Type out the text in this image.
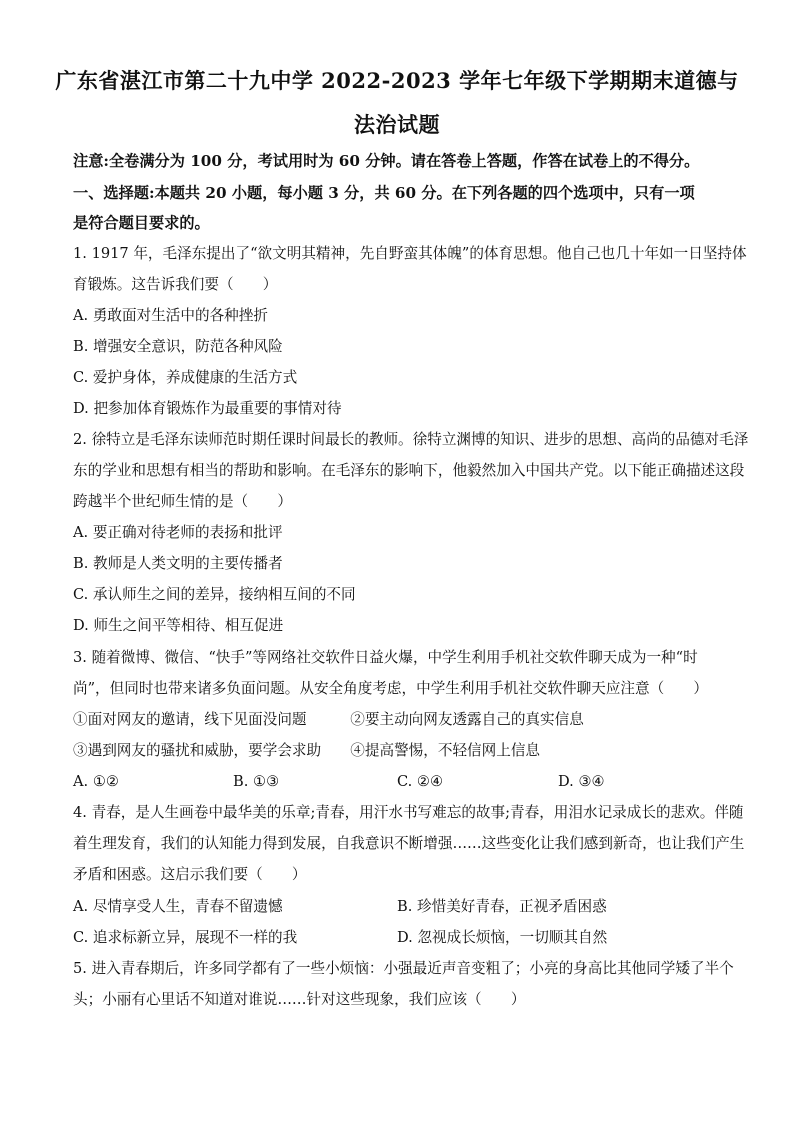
广东省湛江市第二十九中学 2022-2023 学年七年级下学期期末道德与
法治试题
注意:全卷满分为 100 分，考试用时为 60 分钟。请在答卷上答题，作答在试卷上的不得分。
一、选择题:本题共 20 小题，每小题 3 分，共 60 分。在下列各题的四个选项中，只有一项
是符合题目要求的。
1. 1917 年，毛泽东提出了“欲文明其精神，先自野蛮其体魄”的体育思想。他自己也几十年如一日坚持体
育锻炼。这告诉我们要（　　）
A. 勇敢面对生活中的各种挫折
B. 增强安全意识，防范各种风险
C. 爱护身体，养成健康的生活方式
D. 把参加体育锻炼作为最重要的事情对待
2. 徐特立是毛泽东读师范时期任课时间最长的教师。徐特立渊博的知识、进步的思想、高尚的品德对毛泽
东的学业和思想有相当的帮助和影响。在毛泽东的影响下，他毅然加入中国共产党。以下能正确描述这段
跨越半个世纪师生情的是（　　）
A. 要正确对待老师的表扬和批评
B. 教师是人类文明的主要传播者
C. 承认师生之间的差异，接纳相互间的不同
D. 师生之间平等相待、相互促进
3. 随着微博、微信、“快手”等网络社交软件日益火爆，中学生利用手机社交软件聊天成为一种“时
尚”，但同时也带来诸多负面问题。从安全角度考虑，中学生利用手机社交软件聊天应注意（　　）
①面对网友的邀请，线下见面没问题　　　②要主动向网友透露自己的真实信息
③遇到网友的骚扰和威胁，要学会求助　　④提高警惕，不轻信网上信息
A. ①②	B. ①③	C. ②④	D. ③④
4. 青春，是人生画卷中最华美的乐章;青春，用汗水书写难忘的故事;青春，用泪水记录成长的悲欢。伴随
着生理发育，我们的认知能力得到发展，自我意识不断增强……这些变化让我们感到新奇，也让我们产生
矛盾和困惑。这启示我们要（　　）
A. 尽情享受人生，青春不留遗憾	B. 珍惜美好青春，正视矛盾困惑
C. 追求标新立异，展现不一样的我	D. 忽视成长烦恼，一切顺其自然
5. 进入青春期后，许多同学都有了一些小烦恼：小强最近声音变粗了；小亮的身高比其他同学矮了半个
头；小丽有心里话不知道对谁说……针对这些现象，我们应该（　　）
